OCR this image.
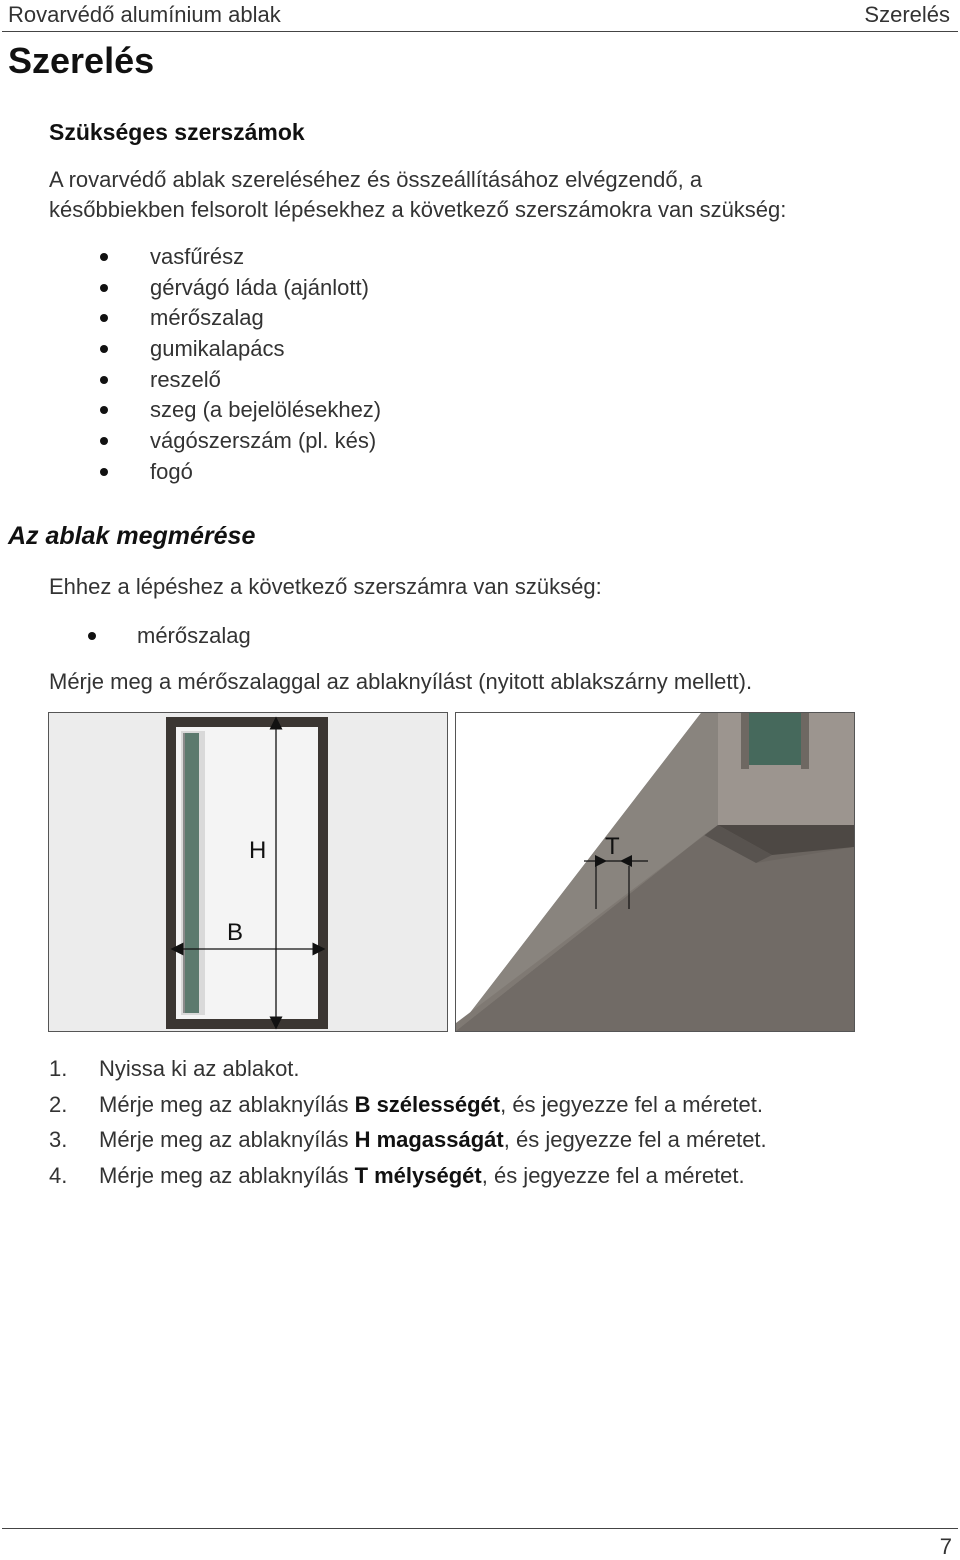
Rovarvédő alumínium ablak	Szerelés
Szerelés
Szükséges szerszámok
A rovarvédő ablak szereléséhez és összeállításához elvégzendő, a
későbbiekben felsorolt lépésekhez a következő szerszámokra van szükség:
vasfűrész
gérvágó láda (ajánlott)
mérőszalag
gumikalapács
reszelő
szeg (a bejelölésekhez)
vágószerszám (pl. kés)
fogó
Az ablak megmérése
Ehhez a lépéshez a következő szerszámra van szükség:
mérőszalag
Mérje meg a mérőszalaggal az ablaknyílást (nyitott ablakszárny mellett).
H
B
T
1. Nyissa ki az ablakot.
2. Mérje meg az ablaknyílás B szélességét, és jegyezze fel a méretet.
3. Mérje meg az ablaknyílás H magasságát, és jegyezze fel a méretet.
4. Mérje meg az ablaknyílás T mélységét, és jegyezze fel a méretet.
7
